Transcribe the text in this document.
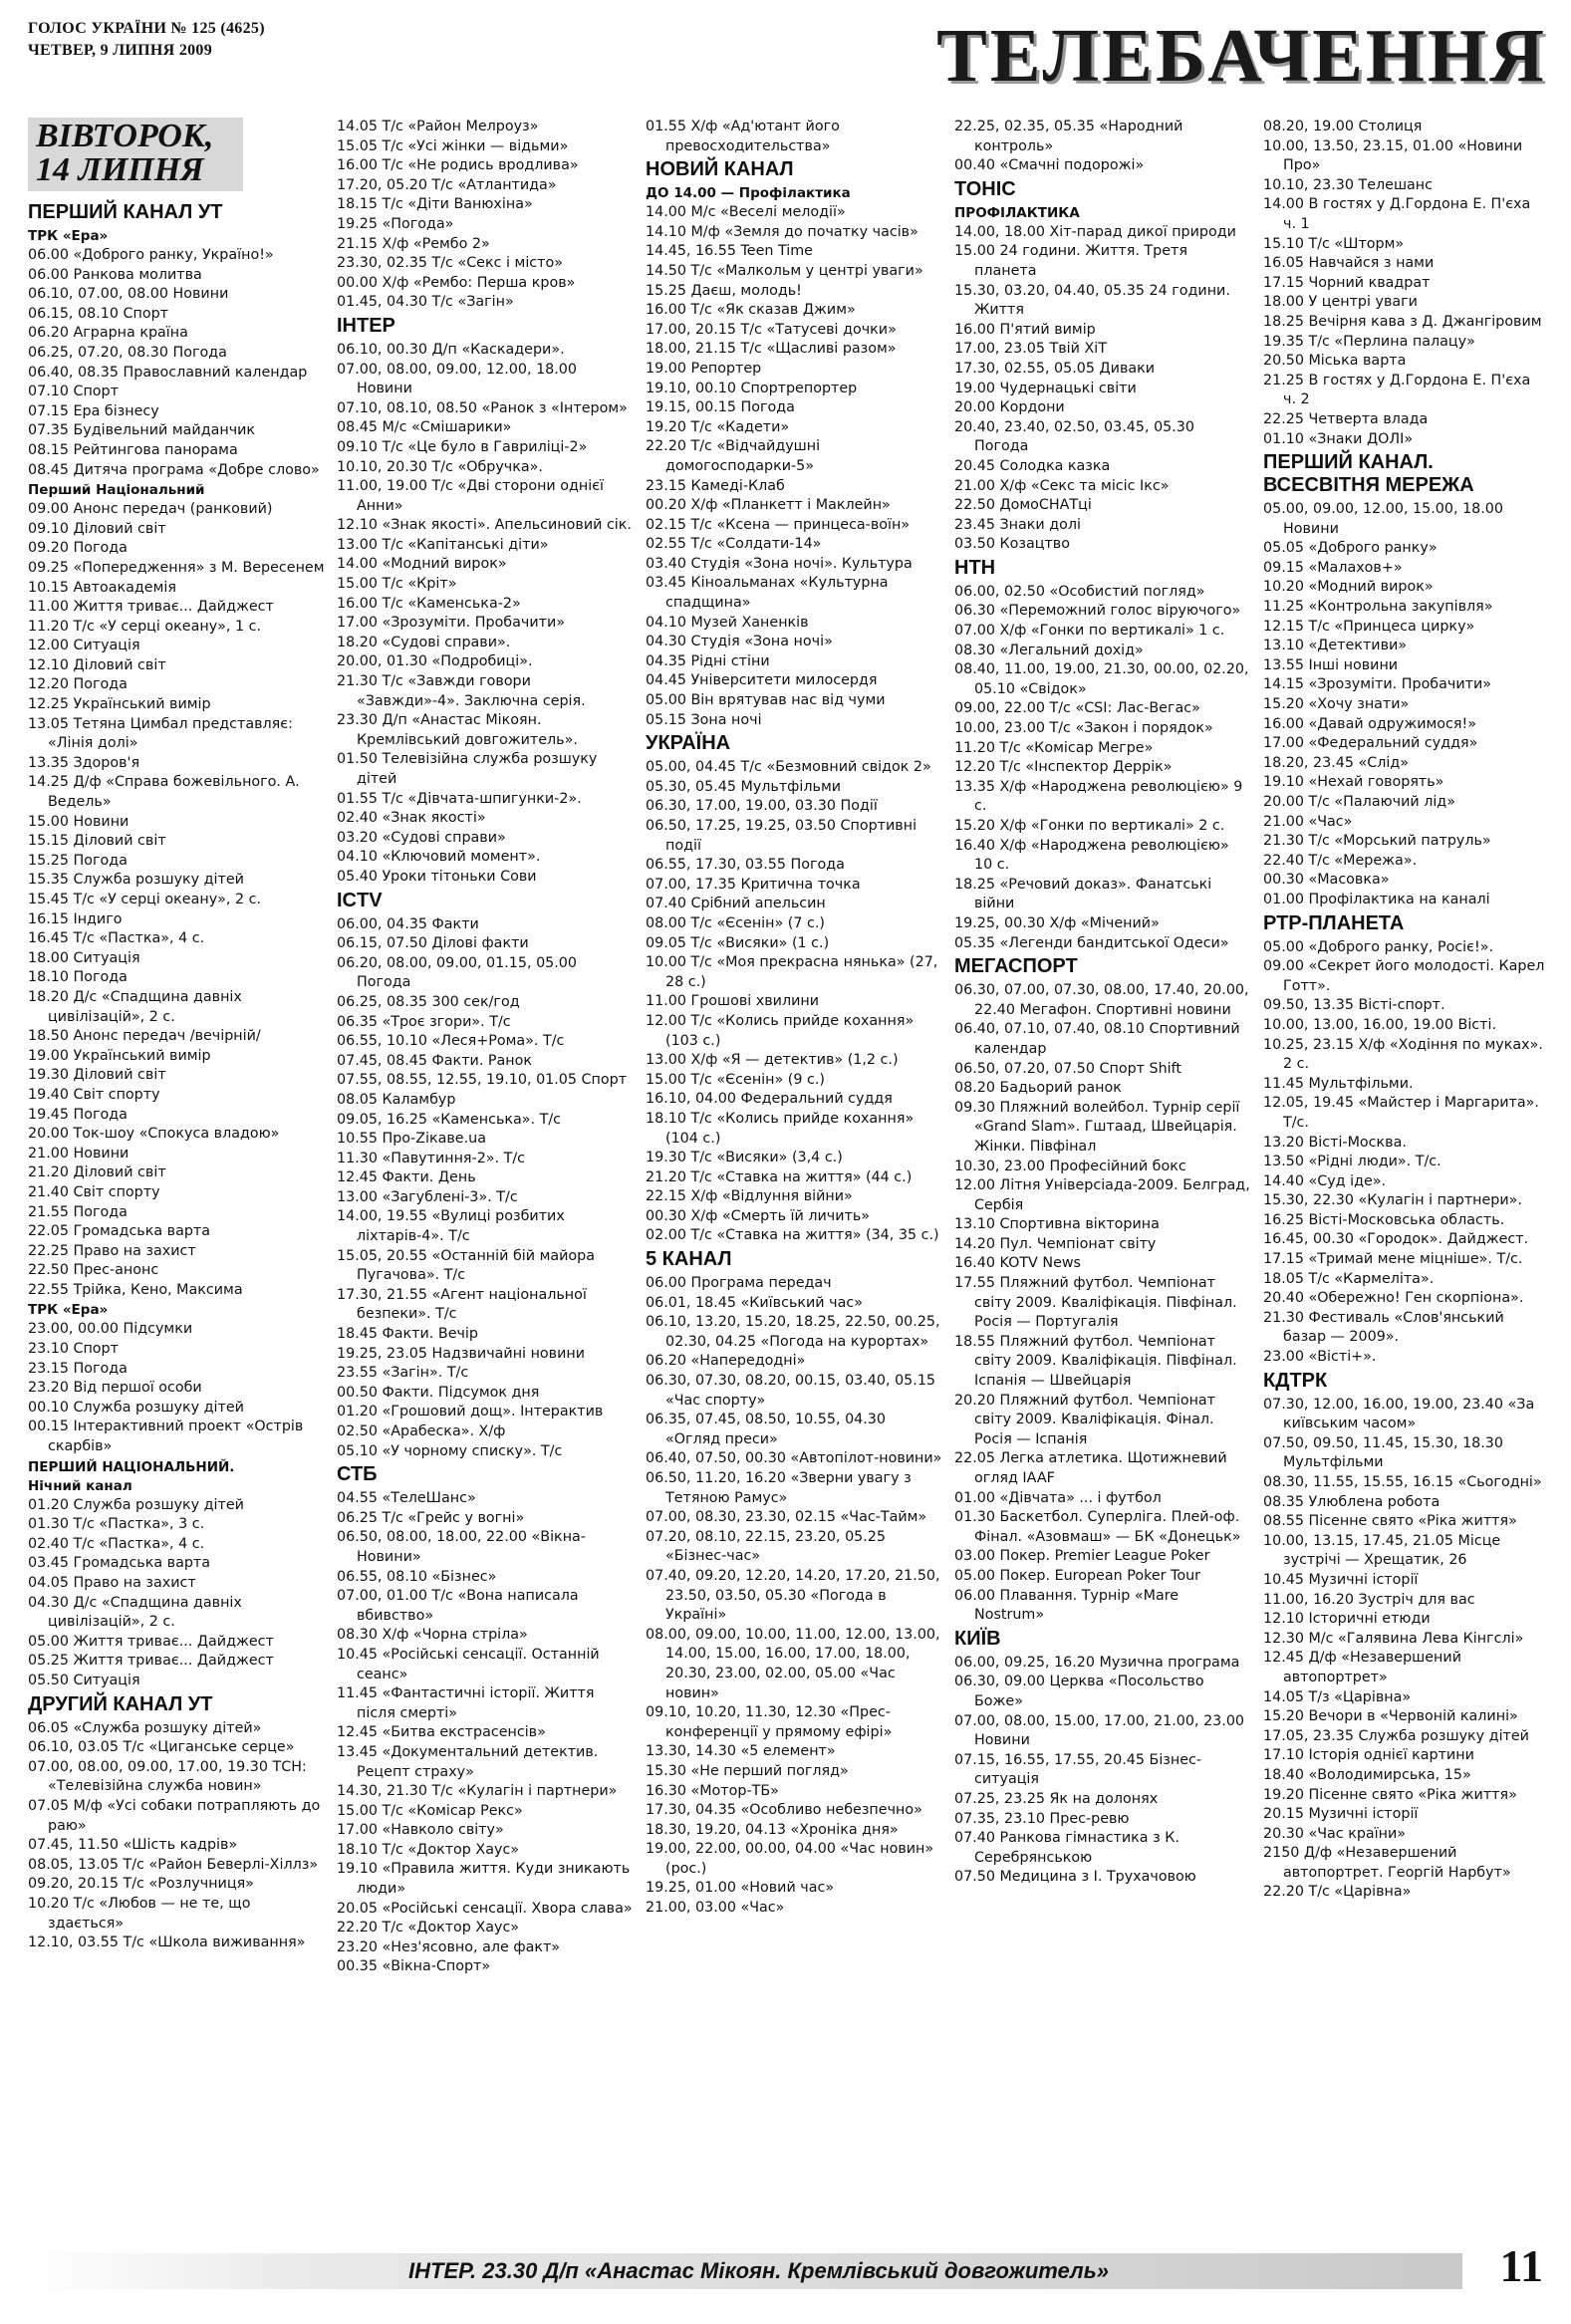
ГОЛОС УКРАЇНИ № 125 (4625)
ЧЕТВЕР, 9 ЛИПНЯ 2009	ТЕЛЕБАЧЕННЯ
ВІВТОРОК,
14 ЛИПНЯ
ПЕРШИЙ КАНАЛ УТ
ТРК «Ера»
06.00 «Доброго ранку, Україно!»
06.00 Ранкова молитва
06.10, 07.00, 08.00 Новини
06.15, 08.10 Спорт
06.20 Аграрна країна
06.25, 07.20, 08.30 Погода
06.40, 08.35 Православний календар
07.10 Спорт
07.15 Ера бізнесу
07.35 Будівельний майданчик
08.15 Рейтингова панорама
08.45 Дитяча програма «Добре слово»
Перший Національний
09.00 Анонс передач (ранковий)
09.10 Діловий світ
09.20 Погода
09.25 «Попередження» з М. Вересенем
10.15 Автоакадемія
11.00 Життя триває... Дайджест
11.20 Т/с «У серці океану», 1 с.
12.00 Ситуація
12.10 Діловий світ
12.20 Погода
12.25 Український вимір
13.05 Тетяна Цимбал представляє: «Лінія долі»
13.35 Здоров'я
14.25 Д/ф «Справа божевільного. А. Ведель»
15.00 Новини
15.15 Діловий світ
15.25 Погода
15.35 Служба розшуку дітей
15.45 Т/с «У серці океану», 2 с.
16.15 Індиго
16.45 Т/с «Пастка», 4 с.
18.00 Ситуація
18.10 Погода
18.20 Д/с «Спадщина давніх цивілізацій», 2 с.
18.50 Анонс передач /вечірній/
19.00 Український вимір
19.30 Діловий світ
19.40 Світ спорту
19.45 Погода
20.00 Ток-шоу «Спокуса владою»
21.00 Новини
21.20 Діловий світ
21.40 Світ спорту
21.55 Погода
22.05 Громадська варта
22.25 Право на захист
22.50 Прес-анонс
22.55 Трійка, Кено, Максима
ТРК «Ера»
23.00, 00.00 Підсумки
23.10 Спорт
23.15 Погода
23.20 Від першої особи
00.10 Служба розшуку дітей
00.15 Інтерактивний проект «Острів скарбів»
ПЕРШИЙ НАЦІОНАЛЬНИЙ.
Нічний канал
01.20 Служба розшуку дітей
01.30 Т/с «Пастка», 3 с.
02.40 Т/с «Пастка», 4 с.
03.45 Громадська варта
04.05 Право на захист
04.30 Д/с «Спадщина давніх цивілізацій», 2 с.
05.00 Життя триває... Дайджест
05.25 Життя триває... Дайджест
05.50 Ситуація
ДРУГИЙ КАНАЛ УТ
06.05 «Служба розшуку дітей»
06.10, 03.05 Т/с «Циганське серце»
07.00, 08.00, 09.00, 17.00, 19.30 ТСН: «Телевізійна служба новин»
07.05 М/ф «Усі собаки потрапляють до раю»
07.45, 11.50 «Шість кадрів»
08.05, 13.05 Т/с «Район Беверлі-Хіллз»
09.20, 20.15 Т/с «Розлучниця»
10.20 Т/с «Любов — не те, що здається»
12.10, 03.55 Т/с «Школа виживання»
14.05 Т/с «Район Мелроуз»
15.05 Т/с «Усі жінки — відьми»
16.00 Т/с «Не родись вродлива»
17.20, 05.20 Т/с «Атлантида»
18.15 Т/с «Діти Ванюхіна»
19.25 «Погода»
21.15 Х/ф «Рембо 2»
23.30, 02.35 Т/с «Секс і місто»
00.00 Х/ф «Рембо: Перша кров»
01.45, 04.30 Т/с «Загін»
ІНТЕР
06.10, 00.30 Д/п «Каскадери».
07.00, 08.00, 09.00, 12.00, 18.00 Новини
07.10, 08.10, 08.50 «Ранок з «Інтером»
08.45 М/с «Смішарики»
09.10 Т/с «Це було в Гавриліці-2»
10.10, 20.30 Т/с «Обручка».
11.00, 19.00 Т/с «Дві сторони однієї Анни»
12.10 «Знак якості». Апельсиновий сік.
13.00 Т/с «Капітанські діти»
14.00 «Модний вирок»
15.00 Т/с «Кріт»
16.00 Т/с «Каменська-2»
17.00 «Зрозуміти. Пробачити»
18.20 «Судові справи».
20.00, 01.30 «Подробиці».
21.30 Т/с «Завжди говори «Завжди»-4». Заключна серія.
23.30 Д/п «Анастас Мікоян. Кремлівський довгожитель».
01.50 Телевізійна служба розшуку дітей
01.55 Т/с «Дівчата-шпигунки-2».
02.40 «Знак якості»
03.20 «Судові справи»
04.10 «Ключовий момент».
05.40 Уроки тітоньки Сови
ICTV
06.00, 04.35 Факти
06.15, 07.50 Ділові факти
06.20, 08.00, 09.00, 01.15, 05.00 Погода
06.25, 08.35 300 сек/год
06.35 «Троє згори». Т/с
06.55, 10.10 «Леся+Рома». Т/с
07.45, 08.45 Факти. Ранок
07.55, 08.55, 12.55, 19.10, 01.05 Спорт
08.05 Каламбур
09.05, 16.25 «Каменська». Т/с
10.55 Про-Zікаве.ua
11.30 «Павутиння-2». Т/с
12.45 Факти. День
13.00 «Загублені-3». Т/с
14.00, 19.55 «Вулиці розбитих ліхтарів-4». Т/с
15.05, 20.55 «Останній бій майора Пугачова». Т/с
17.30, 21.55 «Агент національної безпеки». Т/с
18.45 Факти. Вечір
19.25, 23.05 Надзвичайні новини
23.55 «Загін». Т/с
00.50 Факти. Підсумок дня
01.20 «Грошовий дощ». Інтерактив
02.50 «Арабеска». Х/ф
05.10 «У чорному списку». Т/с
СТБ
04.55 «ТелеШанс»
06.25 Т/с «Грейс у вогні»
06.50, 08.00, 18.00, 22.00 «Вікна-Новини»
06.55, 08.10 «Бізнес»
07.00, 01.00 Т/с «Вона написала вбивство»
08.30 Х/ф «Чорна стріла»
10.45 «Російські сенсації. Останній сеанс»
11.45 «Фантастичні історії. Життя після смерті»
12.45 «Битва екстрасенсів»
13.45 «Документальний детектив. Рецепт страху»
14.30, 21.30 Т/с «Кулагін і партнери»
15.00 Т/с «Комісар Рекс»
17.00 «Навколо світу»
18.10 Т/с «Доктор Хаус»
19.10 «Правила життя. Куди зникають люди»
20.05 «Російські сенсації. Хвора слава»
22.20 Т/с «Доктор Хаус»
23.20 «Нез'ясовно, але факт»
00.35 «Вікна-Спорт»
01.55 Х/ф «Ад'ютант його превосходительства»
НОВИЙ КАНАЛ
ДО 14.00 — Профілактика
14.00 М/с «Веселі мелодії»
14.10 М/ф «Земля до початку часів»
14.45, 16.55 Teen Time
14.50 Т/с «Малкольм у центрі уваги»
15.25 Даєш, молодь!
16.00 Т/с «Як сказав Джим»
17.00, 20.15 Т/с «Татусеві дочки»
18.00, 21.15 Т/с «Щасливі разом»
19.00 Репортер
19.10, 00.10 Спортрепортер
19.15, 00.15 Погода
19.20 Т/с «Кадети»
22.20 Т/с «Відчайдушні домогосподарки-5»
23.15 Камеді-Клаб
00.20 Х/ф «Планкетт і Маклейн»
02.15 Т/с «Ксена — принцеса-воїн»
02.55 Т/с «Солдати-14»
03.40 Студія «Зона ночі». Культура
03.45 Кіноальманах «Культурна спадщина»
04.10 Музей Ханенків
04.30 Студія «Зона ночі»
04.35 Рідні стіни
04.45 Університети милосердя
05.00 Він врятував нас від чуми
05.15 Зона ночі
УКРАЇНА
05.00, 04.45 Т/с «Безмовний свідок 2»
05.30, 05.45 Мультфільми
06.30, 17.00, 19.00, 03.30 Події
06.50, 17.25, 19.25, 03.50 Спортивні події
06.55, 17.30, 03.55 Погода
07.00, 17.35 Критична точка
07.40 Срібний апельсин
08.00 Т/с «Єсенін» (7 с.)
09.05 Т/с «Висяки» (1 с.)
10.00 Т/с «Моя прекрасна нянька» (27, 28 с.)
11.00 Грошові хвилини
12.00 Т/с «Колись прийде кохання» (103 с.)
13.00 Х/ф «Я — детектив» (1,2 с.)
15.00 Т/с «Єсенін» (9 с.)
16.10, 04.00 Федеральний суддя
18.10 Т/с «Колись прийде кохання» (104 с.)
19.30 Т/с «Висяки» (3,4 с.)
21.20 Т/с «Ставка на життя» (44 с.)
22.15 Х/ф «Відлуння війни»
00.30 Х/ф «Смерть їй личить»
02.00 Т/с «Ставка на життя» (34, 35 с.)
5 КАНАЛ
06.00 Програма передач
06.01, 18.45 «Київський час»
06.10, 13.20, 15.20, 18.25, 22.50, 00.25, 02.30, 04.25 «Погода на курортах»
06.20 «Напередодні»
06.30, 07.30, 08.20, 00.15, 03.40, 05.15 «Час спорту»
06.35, 07.45, 08.50, 10.55, 04.30 «Огляд преси»
06.40, 07.50, 00.30 «Автопілот-новини»
06.50, 11.20, 16.20 «Зверни увагу з Тетяною Рамус»
07.00, 08.30, 23.30, 02.15 «Час-Тайм»
07.20, 08.10, 22.15, 23.20, 05.25 «Бізнес-час»
07.40, 09.20, 12.20, 14.20, 17.20, 21.50, 23.50, 03.50, 05.30 «Погода в Україні»
08.00, 09.00, 10.00, 11.00, 12.00, 13.00, 14.00, 15.00, 16.00, 17.00, 18.00, 20.30, 23.00, 02.00, 05.00 «Час новин»
09.10, 10.20, 11.30, 12.30 «Прес-конференції у прямому ефірі»
13.30, 14.30 «5 елемент»
15.30 «Не перший погляд»
16.30 «Мотор-ТБ»
17.30, 04.35 «Особливо небезпечно»
18.30, 19.20, 04.13 «Хроніка дня»
19.00, 22.00, 00.00, 04.00 «Час новин» (рос.)
19.25, 01.00 «Новий час»
21.00, 03.00 «Час»
22.25, 02.35, 05.35 «Народний контроль»
00.40 «Смачні подорожі»
ТОНІС
ПРОФІЛАКТИКА
14.00, 18.00 Хіт-парад дикої природи
15.00 24 години. Життя. Третя планета
15.30, 03.20, 04.40, 05.35 24 години. Життя
16.00 П'ятий вимір
17.00, 23.05 Твій ХіТ
17.30, 02.55, 05.05 Диваки
19.00 Чудернацькі світи
20.00 Кордони
20.40, 23.40, 02.50, 03.45, 05.30 Погода
20.45 Солодка казка
21.00 Х/ф «Секс та місіс Ікс»
22.50 ДомоСНАТці
23.45 Знаки долі
03.50 Козацтво
НТН
06.00, 02.50 «Особистий погляд»
06.30 «Переможний голос віруючого»
07.00 Х/ф «Гонки по вертикалі» 1 с.
08.30 «Легальний дохід»
08.40, 11.00, 19.00, 21.30, 00.00, 02.20, 05.10 «Свідок»
09.00, 22.00 Т/с «CSI: Лас-Вегас»
10.00, 23.00 Т/с «Закон і порядок»
11.20 Т/с «Комісар Мегре»
12.20 Т/с «Інспектор Деррік»
13.35 Х/ф «Народжена революцією» 9 с.
15.20 Х/ф «Гонки по вертикалі» 2 с.
16.40 Х/ф «Народжена революцією» 10 с.
18.25 «Речовий доказ». Фанатські війни
19.25, 00.30 Х/ф «Мічений»
05.35 «Легенди бандитської Одеси»
МЕГАСПОРТ
06.30, 07.00, 07.30, 08.00, 17.40, 20.00, 22.40 Мегафон. Спортивні новини
06.40, 07.10, 07.40, 08.10 Спортивний календар
06.50, 07.20, 07.50 Спорт Shift
08.20 Бадьорий ранок
09.30 Пляжний волейбол. Турнір серії «Grand Slam». Гштаад, Швейцарія. Жінки. Півфінал
10.30, 23.00 Професійний бокс
12.00 Літня Універсіада-2009. Белград, Сербія
13.10 Спортивна вікторина
14.20 Пул. Чемпіонат світу
16.40 KOTV News
17.55 Пляжний футбол. Чемпіонат світу 2009. Кваліфікація. Півфінал. Росія — Португалія
18.55 Пляжний футбол. Чемпіонат світу 2009. Кваліфікація. Півфінал. Іспанія — Швейцарія
20.20 Пляжний футбол. Чемпіонат світу 2009. Кваліфікація. Фінал. Росія — Іспанія
22.05 Легка атлетика. Щотижневий огляд IAAF
01.00 «Дівчата» ... і футбол
01.30 Баскетбол. Суперліга. Плей-оф. Фінал. «Азовмаш» — БК «Донецьк»
03.00 Покер. Premier League Poker
05.00 Покер. European Poker Tour
06.00 Плавання. Турнір «Mare Nostrum»
КИЇВ
06.00, 09.25, 16.20 Музична програма
06.30, 09.00 Церква «Посольство Боже»
07.00, 08.00, 15.00, 17.00, 21.00, 23.00 Новини
07.15, 16.55, 17.55, 20.45 Бізнес-ситуація
07.25, 23.25 Як на долонях
07.35, 23.10 Прес-ревю
07.40 Ранкова гімнастика з К. Серебрянською
07.50 Медицина з І. Трухачовою
08.20, 19.00 Столиця
10.00, 13.50, 23.15, 01.00 «Новини Про»
10.10, 23.30 Телешанс
14.00 В гостях у Д.Гордона Е. П'єха ч. 1
15.10 Т/с «Шторм»
16.05 Навчайся з нами
17.15 Чорний квадрат
18.00 У центрі уваги
18.25 Вечірня кава з Д. Джангіровим
19.35 Т/с «Перлина палацу»
20.50 Міська варта
21.25 В гостях у Д.Гордона Е. П'єха ч. 2
22.25 Четверта влада
01.10 «Знаки ДОЛІ»
ПЕРШИЙ КАНАЛ. ВСЕСВІТНЯ МЕРЕЖА
05.00, 09.00, 12.00, 15.00, 18.00 Новини
05.05 «Доброго ранку»
09.15 «Малахов+»
10.20 «Модний вирок»
11.25 «Контрольна закупівля»
12.15 Т/с «Принцеса цирку»
13.10 «Детективи»
13.55 Інші новини
14.15 «Зрозуміти. Пробачити»
15.20 «Хочу знати»
16.00 «Давай одружимося!»
17.00 «Федеральний суддя»
18.20, 23.45 «Слід»
19.10 «Нехай говорять»
20.00 Т/с «Палаючий лід»
21.00 «Час»
21.30 Т/с «Морський патруль»
22.40 Т/с «Мережа».
00.30 «Масовка»
01.00 Профілактика на каналі
РТР-ПЛАНЕТА
05.00 «Доброго ранку, Росіє!».
09.00 «Секрет його молодості. Карел Готт».
09.50, 13.35 Вісті-спорт.
10.00, 13.00, 16.00, 19.00 Вісті.
10.25, 23.15 Х/ф «Ходіння по муках». 2 с.
11.45 Мультфільми.
12.05, 19.45 «Майстер і Маргарита». Т/с.
13.20 Вісті-Москва.
13.50 «Рідні люди». Т/с.
14.40 «Суд іде».
15.30, 22.30 «Кулагін і партнери».
16.25 Вісті-Московська область.
16.45, 00.30 «Городок». Дайджест.
17.15 «Тримай мене міцніше». Т/с.
18.05 Т/с «Кармеліта».
20.40 «Обережно! Ген скорпіона».
21.30 Фестиваль «Слов'янський базар — 2009».
23.00 «Вісті+».
КДТРК
07.30, 12.00, 16.00, 19.00, 23.40 «За київським часом»
07.50, 09.50, 11.45, 15.30, 18.30 Мультфільми
08.30, 11.55, 15.55, 16.15 «Сьогодні»
08.35 Улюблена робота
08.55 Пісенне свято «Ріка життя»
10.00, 13.15, 17.45, 21.05 Місце зустрічі — Хрещатик, 26
10.45 Музичні історії
11.00, 16.20 Зустріч для вас
12.10 Історичні етюди
12.30 М/с «Галявина Лева Кінгслі»
12.45 Д/ф «Незавершений автопортрет»
14.05 Т/з «Царівна»
15.20 Вечори в «Червоній калині»
17.05, 23.35 Служба розшуку дітей
17.10 Історія однієї картини
18.40 «Володимирська, 15»
19.20 Пісенне свято «Ріка життя»
20.15 Музичні історії
20.30 «Час країни»
2150 Д/ф «Незавершений автопортрет. Георгій Нарбут»
22.20 Т/с «Царівна»
ІНТЕР. 23.30 Д/п «Анастас Мікоян. Кремлівський довгожитель»	11
